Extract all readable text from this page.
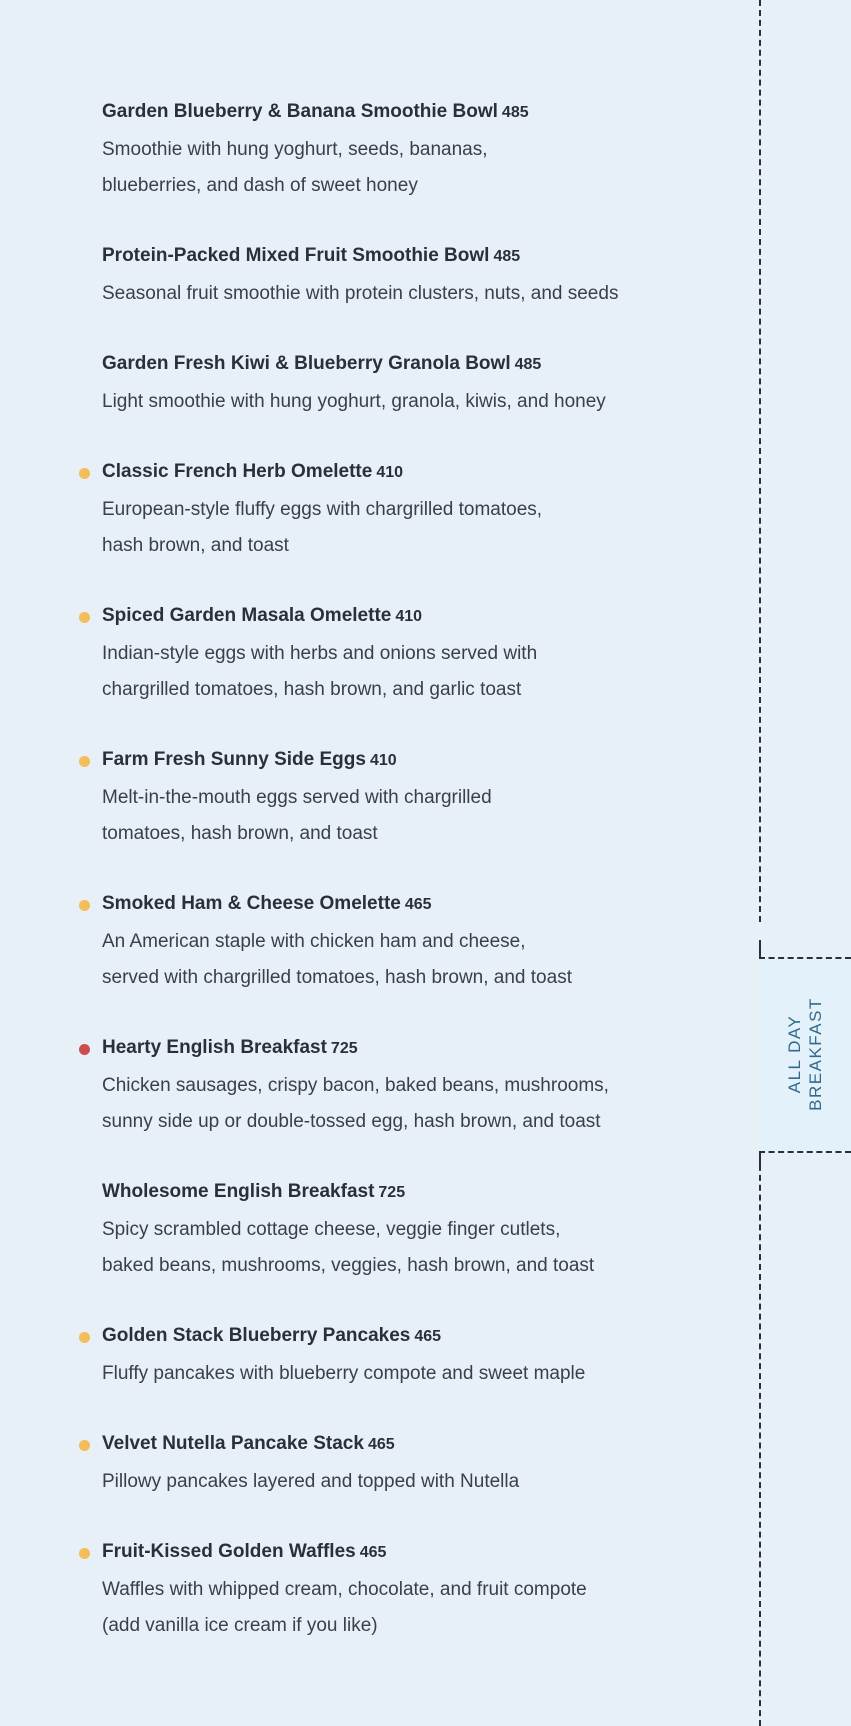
Garden Blueberry & Banana Smoothie Bowl 485
Smoothie with hung yoghurt, seeds, bananas,
blueberries, and dash of sweet honey
Protein-Packed Mixed Fruit Smoothie Bowl 485
Seasonal fruit smoothie with protein clusters, nuts, and seeds
Garden Fresh Kiwi & Blueberry Granola Bowl 485
Light smoothie with hung yoghurt, granola, kiwis, and honey
Classic French Herb Omelette 410
European-style fluffy eggs with chargrilled tomatoes,
hash brown, and toast
Spiced Garden Masala Omelette 410
Indian-style eggs with herbs and onions served with
chargrilled tomatoes, hash brown, and garlic toast
Farm Fresh Sunny Side Eggs 410
Melt-in-the-mouth eggs served with chargrilled
tomatoes, hash brown, and toast
Smoked Ham & Cheese Omelette 465
An American staple with chicken ham and cheese,
served with chargrilled tomatoes, hash brown, and toast
Hearty English Breakfast 725
Chicken sausages, crispy bacon, baked beans, mushrooms,
sunny side up or double-tossed egg, hash brown, and toast
Wholesome English Breakfast 725
Spicy scrambled cottage cheese, veggie finger cutlets,
baked beans, mushrooms, veggies, hash brown, and toast
Golden Stack Blueberry Pancakes 465
Fluffy pancakes with blueberry compote and sweet maple
Velvet Nutella Pancake Stack 465
Pillowy pancakes layered and topped with Nutella
Fruit-Kissed Golden Waffles 465
Waffles with whipped cream, chocolate, and fruit compote
(add vanilla ice cream if you like)
ALL DAY BREAKFAST
